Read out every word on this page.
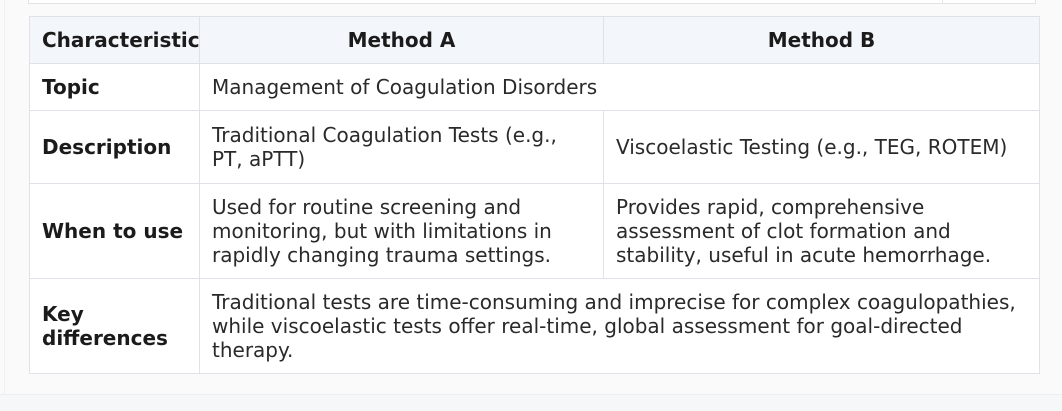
Characteristic	Method A	Method B
Topic	Management of Coagulation Disorders	
Description	Traditional Coagulation Tests (e.g., PT, aPTT)	Viscoelastic Testing (e.g., TEG, ROTEM)
When to use	Used for routine screening and monitoring, but with limitations in rapidly changing trauma settings.	Provides rapid, comprehensive assessment of clot formation and stability, useful in acute hemorrhage.
Key differences	Traditional tests are time-consuming and imprecise for complex coagulopathies, while viscoelastic tests offer real-time, global assessment for goal-directed therapy.	
